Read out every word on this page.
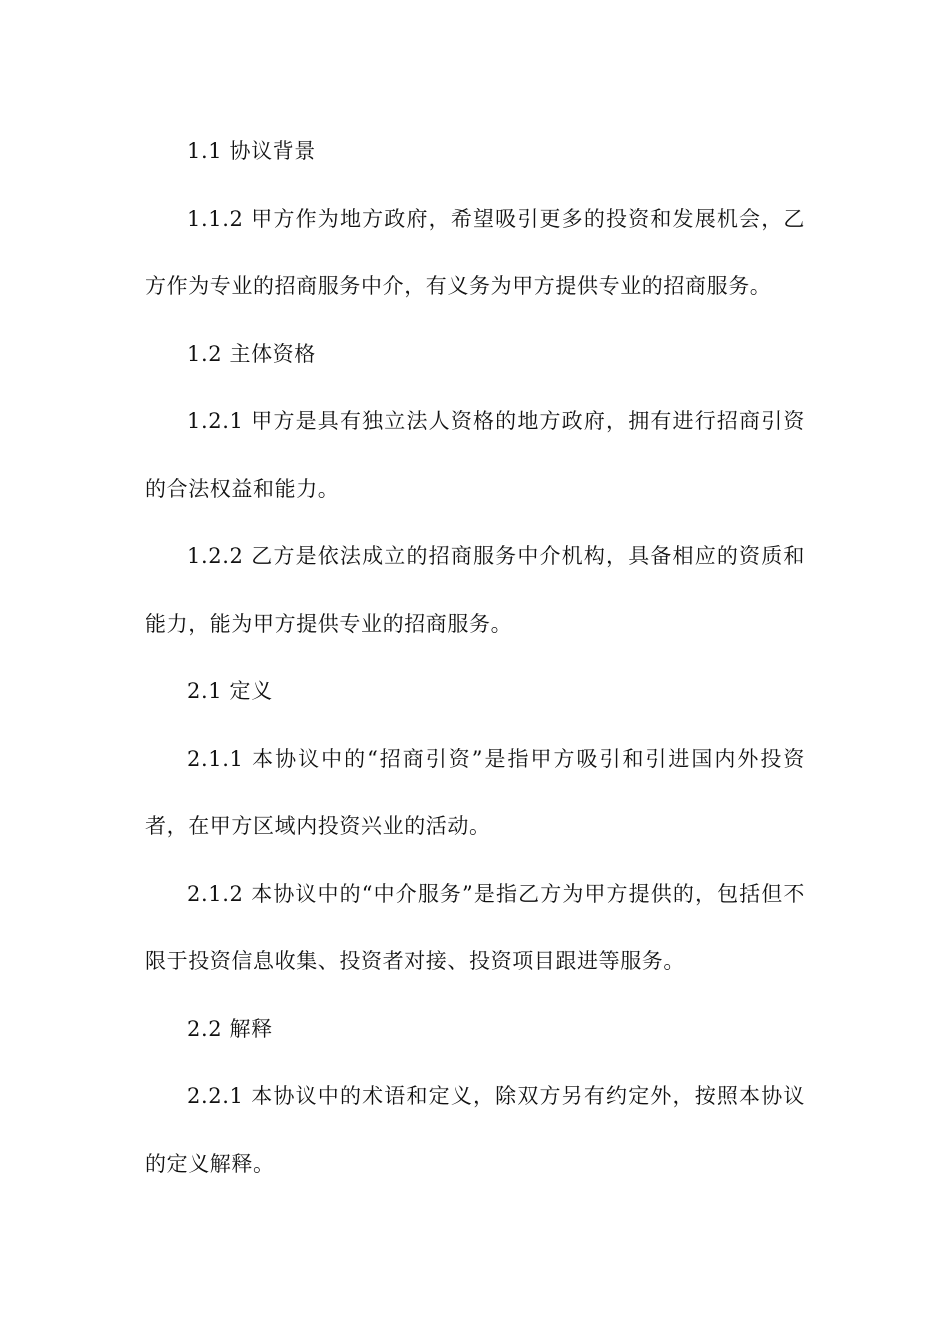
1.1 协议背景

1.1.2 甲方作为地方政府，希望吸引更多的投资和发展机会，乙方作为专业的招商服务中介，有义务为甲方提供专业的招商服务。

1.2 主体资格

1.2.1 甲方是具有独立法人资格的地方政府，拥有进行招商引资的合法权益和能力。

1.2.2 乙方是依法成立的招商服务中介机构，具备相应的资质和能力，能为甲方提供专业的招商服务。

2.1 定义

2.1.1 本协议中的“招商引资”是指甲方吸引和引进国内外投资者，在甲方区域内投资兴业的活动。

2.1.2 本协议中的“中介服务”是指乙方为甲方提供的，包括但不限于投资信息收集、投资者对接、投资项目跟进等服务。

2.2 解释

2.2.1 本协议中的术语和定义，除双方另有约定外，按照本协议的定义解释。
